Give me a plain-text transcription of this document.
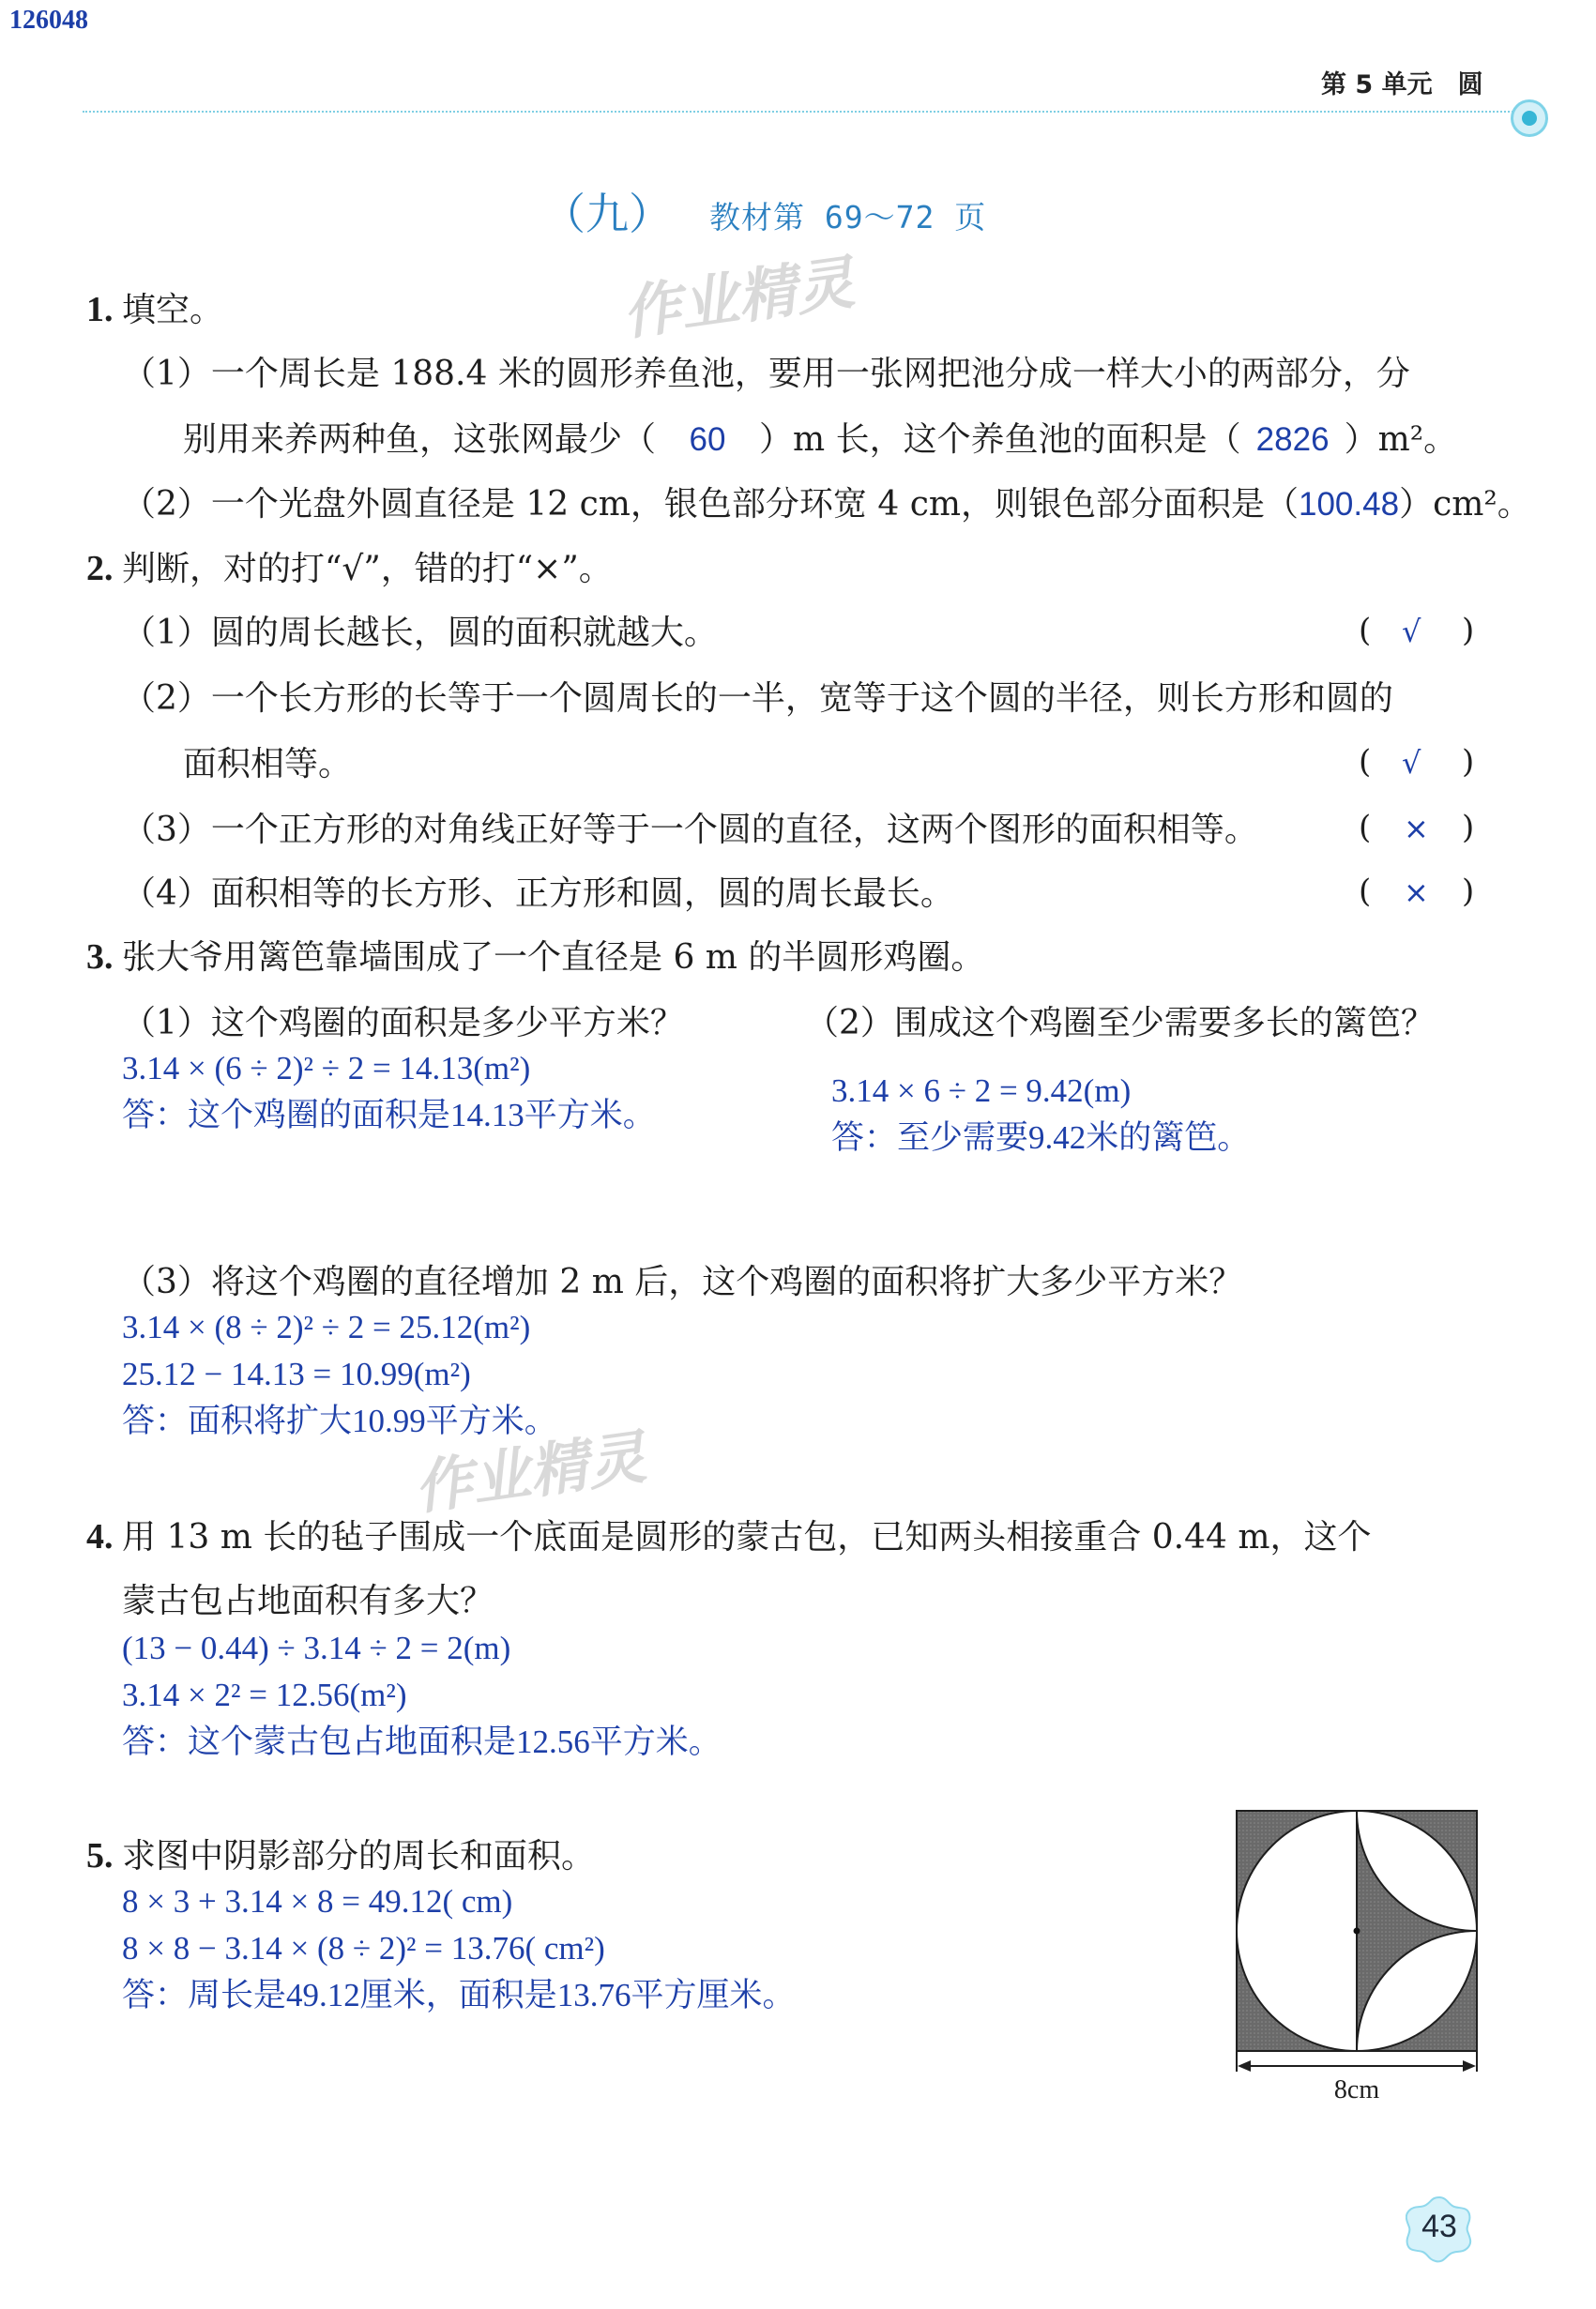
126048
第 5 单元　圆
（九） 教材第 69～72 页
作业精灵
1. 填空。
（1）一个周长是 188.4 米的圆形养鱼池，要用一张网把池分成一样大小的两部分，分
别用来养两种鱼，这张网最少（ 60 ）m 长，这个养鱼池的面积是（ 2826 ）m²。
（2）一个光盘外圆直径是 12 cm，银色部分环宽 4 cm，则银色部分面积是（100.48）cm²。
2. 判断，对的打“√”，错的打“×”。
（1）圆的周长越长，圆的面积就越大。	( √ )
（2）一个长方形的长等于一个圆周长的一半，宽等于这个圆的半径，则长方形和圆的
面积相等。	( √ )
（3）一个正方形的对角线正好等于一个圆的直径，这两个图形的面积相等。	( × )
（4）面积相等的长方形、正方形和圆，圆的周长最长。	( × )
3. 张大爷用篱笆靠墙围成了一个直径是 6 m 的半圆形鸡圈。
（1）这个鸡圈的面积是多少平方米？
3.14 × (6 ÷ 2)² ÷ 2 = 14.13(m²)
答：这个鸡圈的面积是14.13平方米。
（2）围成这个鸡圈至少需要多长的篱笆？
3.14 × 6 ÷ 2 = 9.42(m)
答：至少需要9.42米的篱笆。
（3）将这个鸡圈的直径增加 2 m 后，这个鸡圈的面积将扩大多少平方米？
3.14 × (8 ÷ 2)² ÷ 2 = 25.12(m²)
25.12 − 14.13 = 10.99(m²)
答：面积将扩大10.99平方米。
作业精灵
4. 用 13 m 长的毡子围成一个底面是圆形的蒙古包，已知两头相接重合 0.44 m，这个
蒙古包占地面积有多大？
(13 − 0.44) ÷ 3.14 ÷ 2 = 2(m)
3.14 × 2² = 12.56(m²)
答：这个蒙古包占地面积是12.56平方米。
5. 求图中阴影部分的周长和面积。
8 × 3 + 3.14 × 8 = 49.12( cm)
8 × 8 − 3.14 × (8 ÷ 2)² = 13.76( cm²)
答：周长是49.12厘米，面积是13.76平方厘米。
8cm
43
